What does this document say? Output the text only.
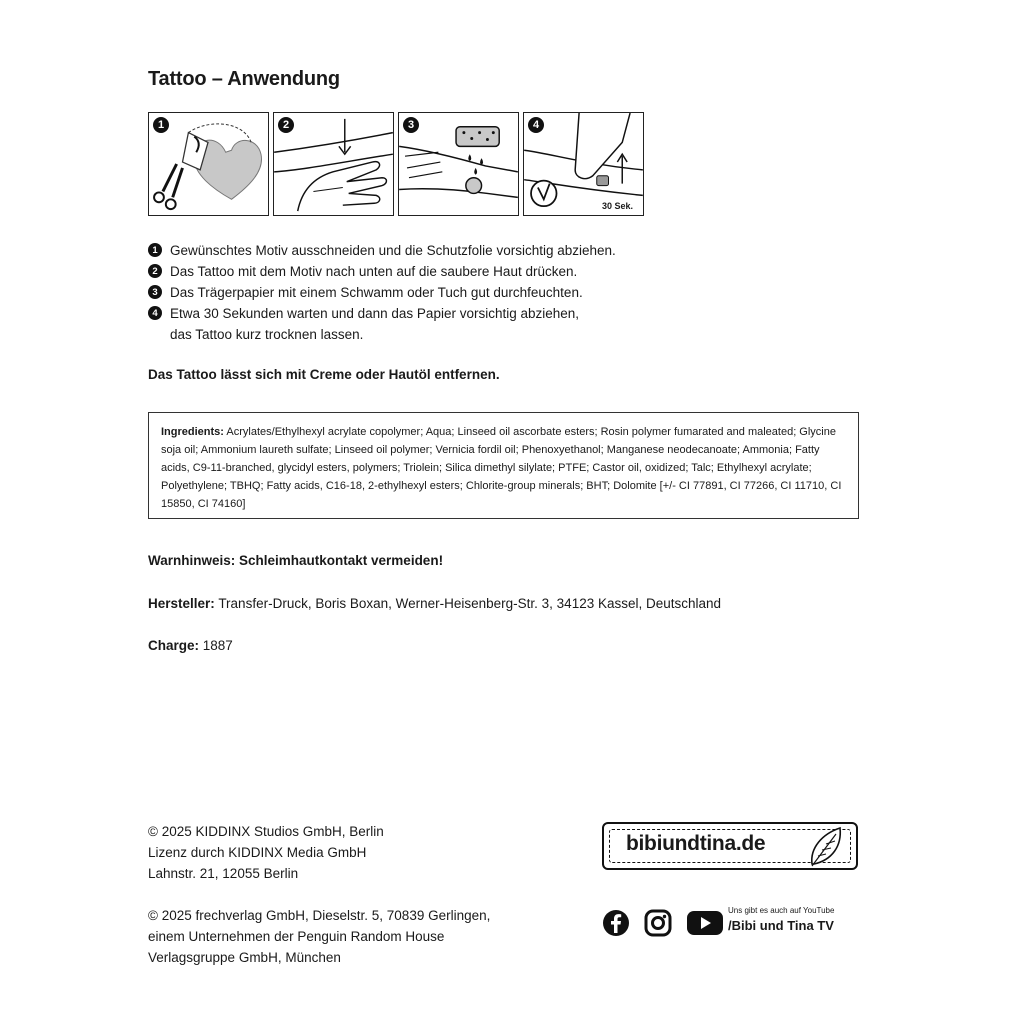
Tattoo – Anwendung
1	2	3	4
30 Sek.
1 Gewünschtes Motiv ausschneiden und die Schutzfolie vorsichtig abziehen.
2 Das Tattoo mit dem Motiv nach unten auf die saubere Haut drücken.
3 Das Trägerpapier mit einem Schwamm oder Tuch gut durchfeuchten.
4 Etwa 30 Sekunden warten und dann das Papier vorsichtig abziehen,
das Tattoo kurz trocknen lassen.
Das Tattoo lässt sich mit Creme oder Hautöl entfernen.
Ingredients: Acrylates/Ethylhexyl acrylate copolymer; Aqua; Linseed oil ascorbate esters; Rosin polymer fumarated and maleated; Glycine soja oil; Ammonium laureth sulfate; Linseed oil polymer; Vernicia fordil oil; Phenoxyethanol; Manganese neodecanoate; Ammonia; Fatty acids, C9-11-branched, glycidyl esters, polymers; Triolein; Silica dimethyl silylate; PTFE; Castor oil, oxidized; Talc; Ethylhexyl acrylate; Polyethylene; TBHQ; Fatty acids, C16-18, 2-ethylhexyl esters; Chlorite-group minerals; BHT; Dolomite [+/- CI 77891, CI 77266, CI 11710, CI 15850, CI 74160]
Warnhinweis: Schleimhautkontakt vermeiden!
Hersteller: Transfer-Druck, Boris Boxan, Werner-Heisenberg-Str. 3, 34123 Kassel, Deutschland
Charge: 1887
© 2025 KIDDINX Studios GmbH, Berlin
Lizenz durch KIDDINX Media GmbH
Lahnstr. 21, 12055 Berlin
© 2025 frechverlag GmbH, Dieselstr. 5, 70839 Gerlingen,
einem Unternehmen der Penguin Random House
Verlagsgruppe GmbH, München
bibiundtina.de
Uns gibt es auch auf YouTube
/Bibi und Tina TV
